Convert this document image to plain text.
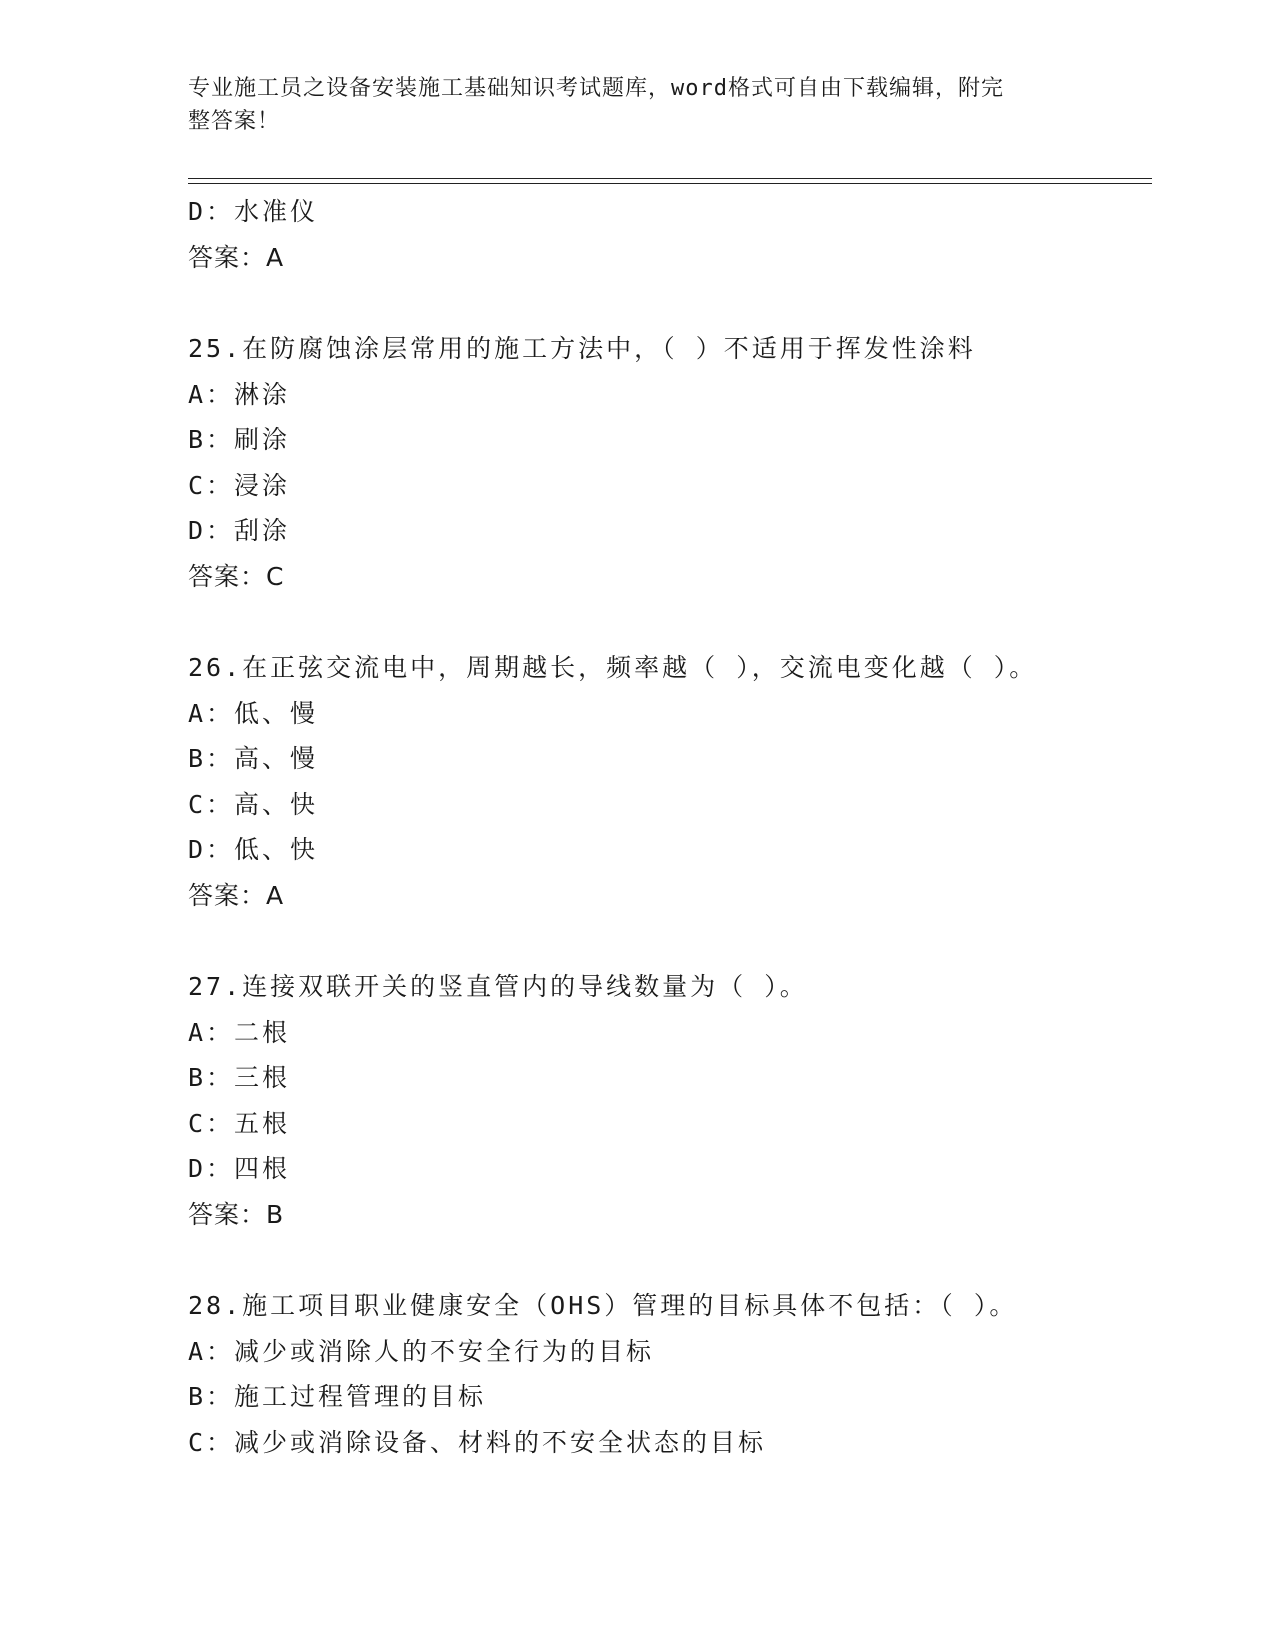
专业施工员之设备安装施工基础知识考试题库，word格式可自由下载编辑，附完
整答案！
D：水准仪
答案：A
25.在防腐蚀涂层常用的施工方法中，（ ）不适用于挥发性涂料
A：淋涂
B：刷涂
C：浸涂
D：刮涂
答案：C
26.在正弦交流电中，周期越长，频率越（ ），交流电变化越（ ）。
A：低、慢
B：高、慢
C：高、快
D：低、快
答案：A
27.连接双联开关的竖直管内的导线数量为（ ）。
A：二根
B：三根
C：五根
D：四根
答案：B
28.施工项目职业健康安全（OHS）管理的目标具体不包括：（ ）。
A：减少或消除人的不安全行为的目标
B：施工过程管理的目标
C：减少或消除设备、材料的不安全状态的目标
